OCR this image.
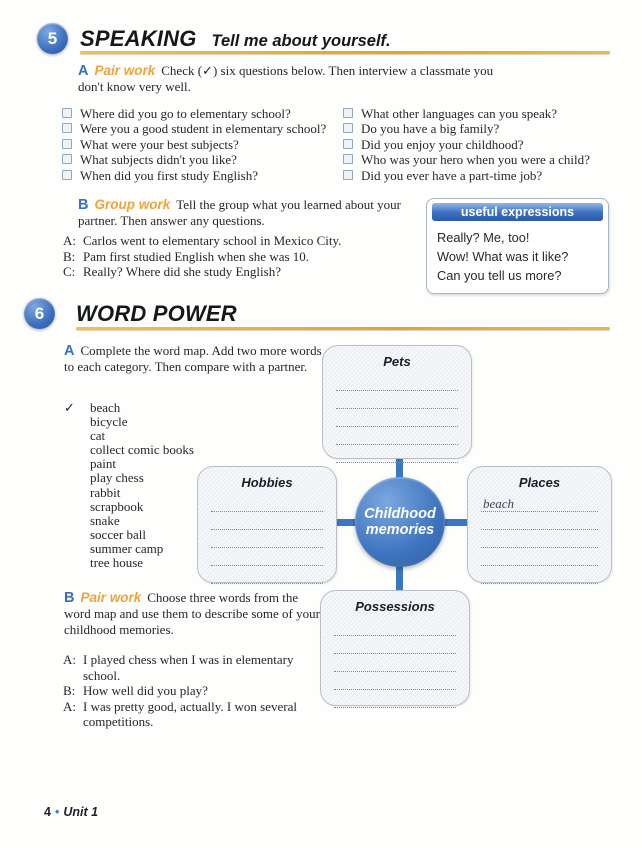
5 SPEAKING Tell me about yourself.
A Pair work Check (✓) six questions below. Then interview a classmate you don't know very well.
Where did you go to elementary school?
Were you a good student in elementary school?
What were your best subjects?
What subjects didn't you like?
When did you first study English?
What other languages can you speak?
Do you have a big family?
Did you enjoy your childhood?
Who was your hero when you were a child?
Did you ever have a part-time job?
B Group work Tell the group what you learned about your partner. Then answer any questions.
A: Carlos went to elementary school in Mexico City.
B: Pam first studied English when she was 10.
C: Really? Where did she study English?
useful expressions
Really? Me, too!
Wow! What was it like?
Can you tell us more?
6 WORD POWER
A Complete the word map. Add two more words to each category. Then compare with a partner.
✓ beach
bicycle
cat
collect comic books
paint
play chess
rabbit
scrapbook
snake
soccer ball
summer camp
tree house
Pets
Hobbies	Places
beach
Possessions
Childhood memories
B Pair work Choose three words from the word map and use them to describe some of your childhood memories.
A: I played chess when I was in elementary school.
B: How well did you play?
A: I was pretty good, actually. I won several competitions.
4 • Unit 1
